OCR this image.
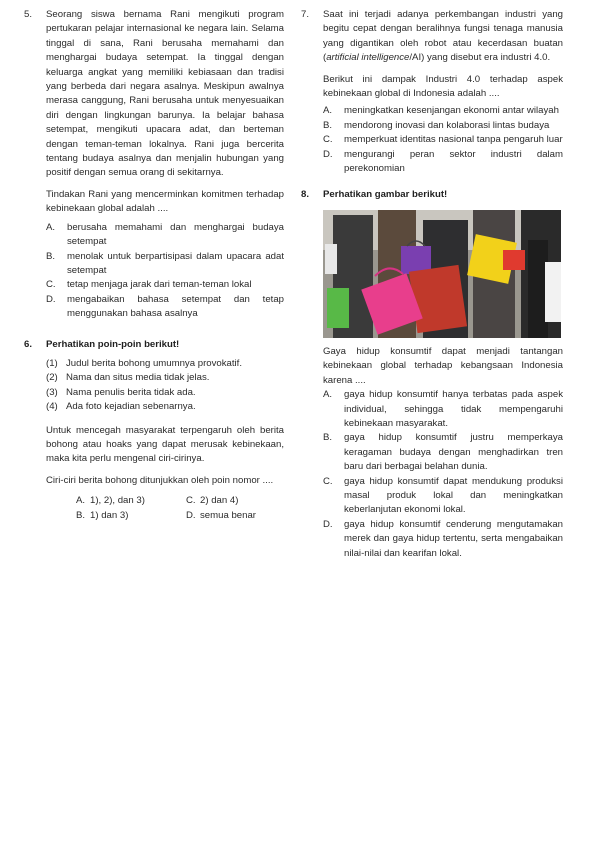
5. Seorang siswa bernama Rani mengikuti program pertukaran pelajar internasional ke negara lain. Selama tinggal di sana, Rani berusaha memahami dan menghargai budaya setempat. Ia tinggal dengan keluarga angkat yang memiliki kebiasaan dan tradisi yang berbeda dari negara asalnya. Meskipun awalnya merasa canggung, Rani berusaha untuk menyesuaikan diri dengan lingkungan barunya. Ia belajar bahasa setempat, mengikuti upacara adat, dan berteman dengan teman-teman lokalnya. Rani juga bercerita tentang budaya asalnya dan menjalin hubungan yang positif dengan semua orang di sekitarnya.

Tindakan Rani yang mencerminkan komitmen terhadap kebinekaan global adalah ....

A. berusaha memahami dan menghargai budaya setempat
B. menolak untuk berpartisipasi dalam upacara adat setempat
C. tetap menjaga jarak dari teman-teman lokal
D. mengabaikan bahasa setempat dan tetap menggunakan bahasa asalnya
6. Perhatikan poin-poin berikut!

(1) Judul berita bohong umumnya provokatif.
(2) Nama dan situs media tidak jelas.
(3) Nama penulis berita tidak ada.
(4) Ada foto kejadian sebenarnya.

Untuk mencegah masyarakat terpengaruh oleh berita bohong atau hoaks yang dapat merusak kebinekaan, maka kita perlu mengenal ciri-cirinya.

Ciri-ciri berita bohong ditunjukkan oleh poin nomor ....

A. 1), 2), dan 3)	C. 2) dan 4)
B. 1) dan 3)	D. semua benar
7. Saat ini terjadi adanya perkembangan industri yang begitu cepat dengan beralihnya fungsi tenaga manusia yang digantikan oleh robot atau kecerdasan buatan (artificial intelligence/AI) yang disebut era industri 4.0.

Berikut ini dampak Industri 4.0 terhadap aspek kebinekaan global di Indonesia adalah ....

A. meningkatkan kesenjangan ekonomi antar wilayah
B. mendorong inovasi dan kolaborasi lintas budaya
C. memperkuat identitas nasional tanpa pengaruh luar
D. mengurangi peran sektor industri dalam perekonomian
8. Perhatikan gambar berikut!

Gaya hidup konsumtif dapat menjadi tantangan kebinekaan global terhadap kebangsaan Indonesia karena ....

A. gaya hidup konsumtif hanya terbatas pada aspek individual, sehingga tidak mempengaruhi kebinekaan masyarakat.
B. gaya hidup konsumtif justru memperkaya keragaman budaya dengan menghadirkan tren baru dari berbagai belahan dunia.
C. gaya hidup konsumtif dapat mendukung produksi masal produk lokal dan meningkatkan keberlanjutan ekonomi lokal.
D. gaya hidup konsumtif cenderung mengutamakan merek dan gaya hidup tertentu, serta mengabaikan nilai-nilai dan kearifan lokal.
